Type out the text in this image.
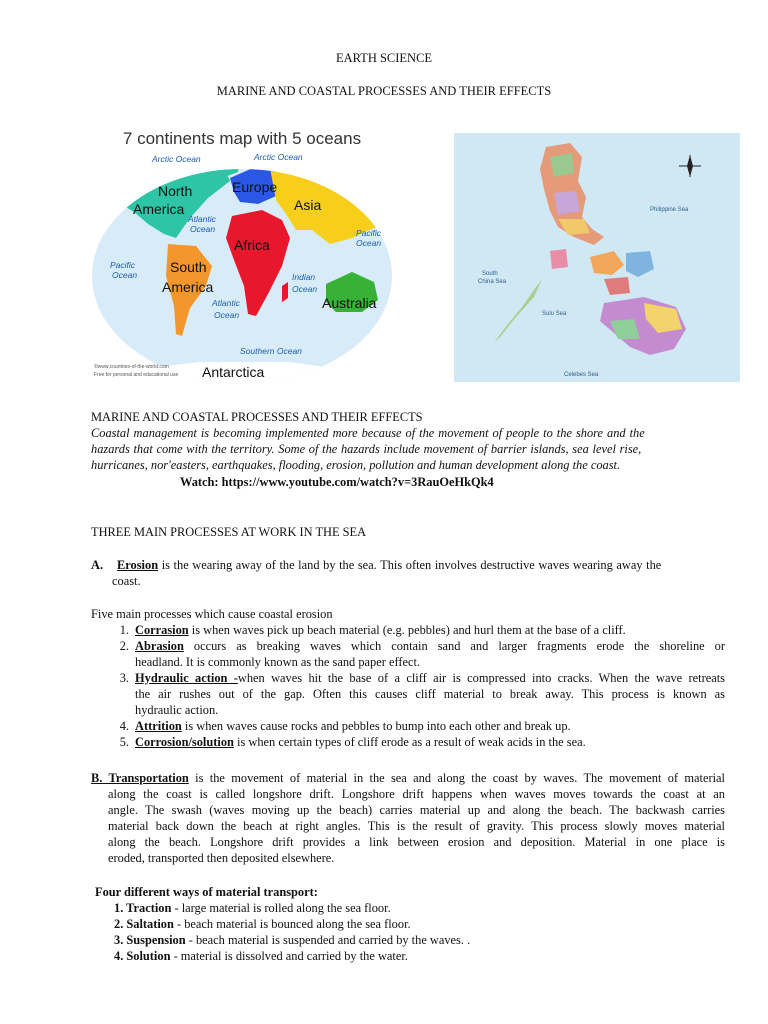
EARTH SCIENCE
MARINE AND COASTAL PROCESSES AND THEIR EFFECTS
7 continents map with 5 oceans
Arctic Ocean	Arctic Ocean
North
America
Europe
Asia
Atlantic
Ocean
Africa
Pacific
Ocean
Pacific
Ocean South
America
Indian
Ocean
Australia
Atlantic
Ocean
Southern Ocean
Antarctica
©www.countries-of-the-world.com
Free for personal and educational use
Philippine Sea
South
China Sea
Sulu Sea
Celebes Sea
MARINE AND COASTAL PROCESSES AND THEIR EFFECTS
Coastal management is becoming implemented more because of the movement of people to the shore and the
hazards that come with the territory. Some of the hazards include movement of barrier islands, sea level rise,
hurricanes, nor'easters, earthquakes, flooding, erosion, pollution and human development along the coast.
Watch: https://www.youtube.com/watch?v=3RauOeHkQk4
THREE MAIN PROCESSES AT WORK IN THE SEA
A. Erosion is the wearing away of the land by the sea. This often involves destructive waves wearing away the
coast.
Five main processes which cause coastal erosion
1. Corrasion is when waves pick up beach material (e.g. pebbles) and hurl them at the base of a cliff.
2. Abrasion occurs as breaking waves which contain sand and larger fragments erode the shoreline or
headland. It is commonly known as the sand paper effect.
3. Hydraulic action -when waves hit the base of a cliff air is compressed into cracks. When the wave retreats
the air rushes out of the gap. Often this causes cliff material to break away. This process is known as
hydraulic action.
4. Attrition is when waves cause rocks and pebbles to bump into each other and break up.
5. Corrosion/solution is when certain types of cliff erode as a result of weak acids in the sea.
B. Transportation is the movement of material in the sea and along the coast by waves. The movement of material
along the coast is called longshore drift. Longshore drift happens when waves moves towards the coast at an
angle. The swash (waves moving up the beach) carries material up and along the beach. The backwash carries
material back down the beach at right angles. This is the result of gravity. This process slowly moves material
along the beach. Longshore drift provides a link between erosion and deposition. Material in one place is
eroded, transported then deposited elsewhere.
Four different ways of material transport:
1. Traction - large material is rolled along the sea floor.
2. Saltation - beach material is bounced along the sea floor.
3. Suspension - beach material is suspended and carried by the waves. .
4. Solution - material is dissolved and carried by the water.
